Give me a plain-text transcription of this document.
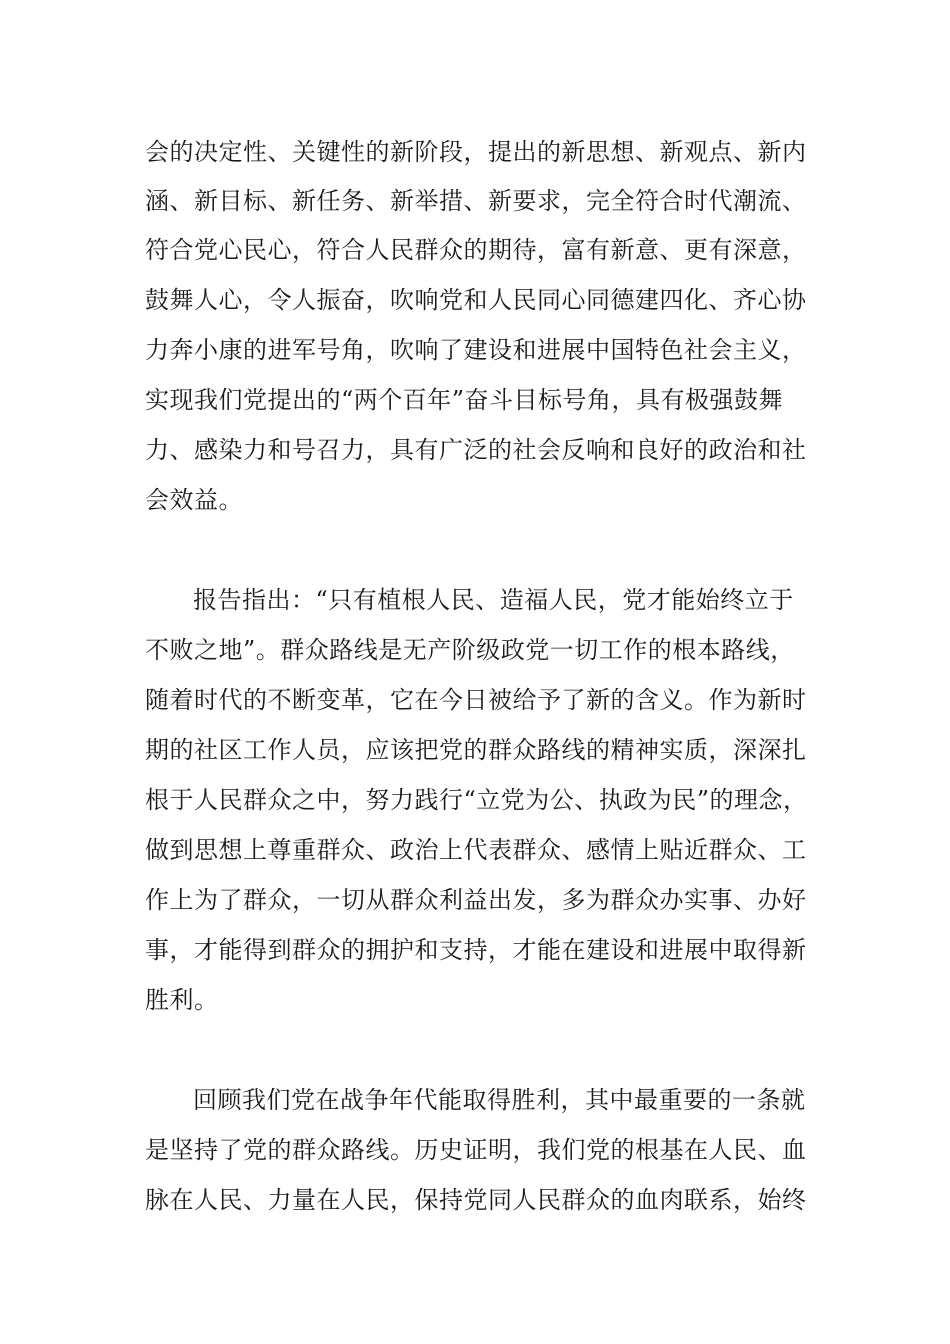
会的决定性、关键性的新阶段，提出的新思想、新观点、新内

涵、新目标、新任务、新举措、新要求，完全符合时代潮流、

符合党心民心，符合人民群众的期待，富有新意、更有深意，

鼓舞人心，令人振奋，吹响党和人民同心同德建四化、齐心协

力奔小康的进军号角，吹响了建设和进展中国特色社会主义，

实现我们党提出的“两个百年”奋斗目标号角，具有极强鼓舞

力、感染力和号召力，具有广泛的社会反响和良好的政治和社

会效益。

报告指出：“只有植根人民、造福人民，党才能始终立于

不败之地”。群众路线是无产阶级政党一切工作的根本路线，

随着时代的不断变革，它在今日被给予了新的含义。作为新时

期的社区工作人员，应该把党的群众路线的精神实质，深深扎

根于人民群众之中，努力践行“立党为公、执政为民”的理念，

做到思想上尊重群众、政治上代表群众、感情上贴近群众、工

作上为了群众，一切从群众利益出发，多为群众办实事、办好

事，才能得到群众的拥护和支持，才能在建设和进展中取得新

胜利。

回顾我们党在战争年代能取得胜利，其中最重要的一条就

是坚持了党的群众路线。历史证明，我们党的根基在人民、血

脉在人民、力量在人民，保持党同人民群众的血肉联系，始终
